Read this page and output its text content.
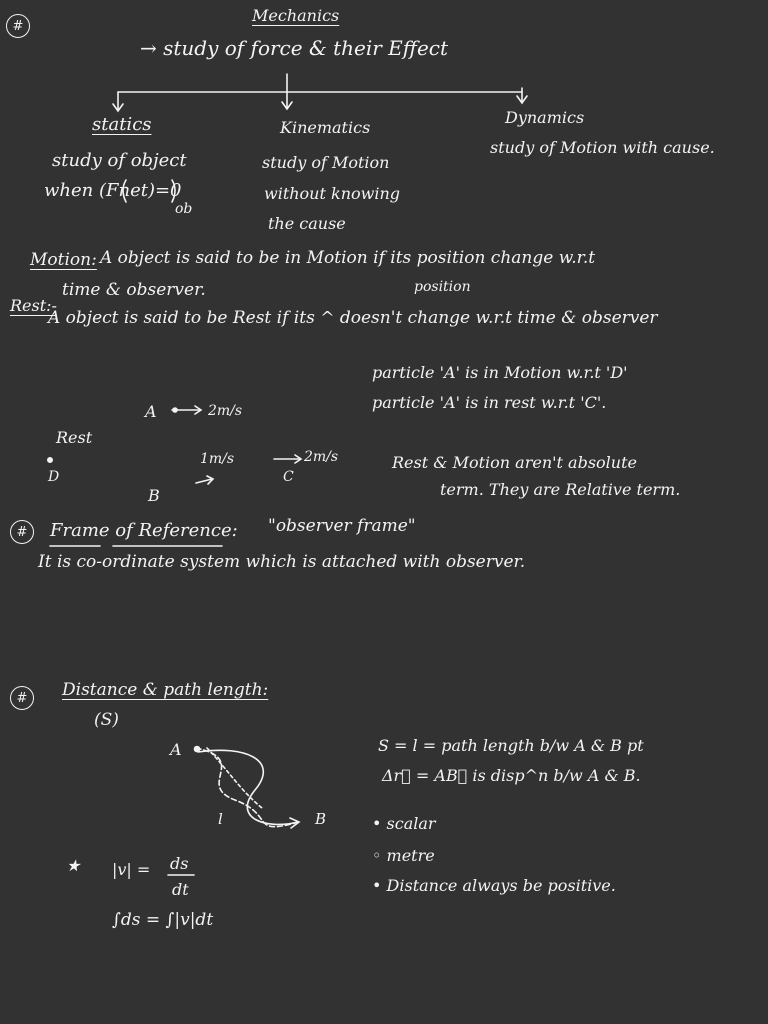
#
Mechanics
→ study of force & their Effect
statics
study of object
when (Fnet)=0
ob
Kinematics
study of Motion
without knowing
the cause
Dynamics
study of Motion with cause.
Motion: A object is said to be in Motion if its position change w.r.t
time & observer.	position
Rest:-
A object is said to be Rest if its ^ doesn't change w.r.t time & observer
particle 'A' is in Motion w.r.t 'D'
particle 'A' is in rest w.r.t 'C'.
A	2m/s
Rest
D
1m/s	2m/s
C
B
Rest & Motion aren't absolute
term. They are Relative term.
#	Frame of Reference: "observer frame"
It is co-ordinate system which is attached with observer.
#	Distance & path length:
(S)
A
l	B
S = l = path length b/w A & B pt
Δr⃗ = AB⃗ is disp^n b/w A & B.
• scalar
◦ metre
• Distance always be positive.
★ |v| = ds
dt
∫ds = ∫|v|dt
